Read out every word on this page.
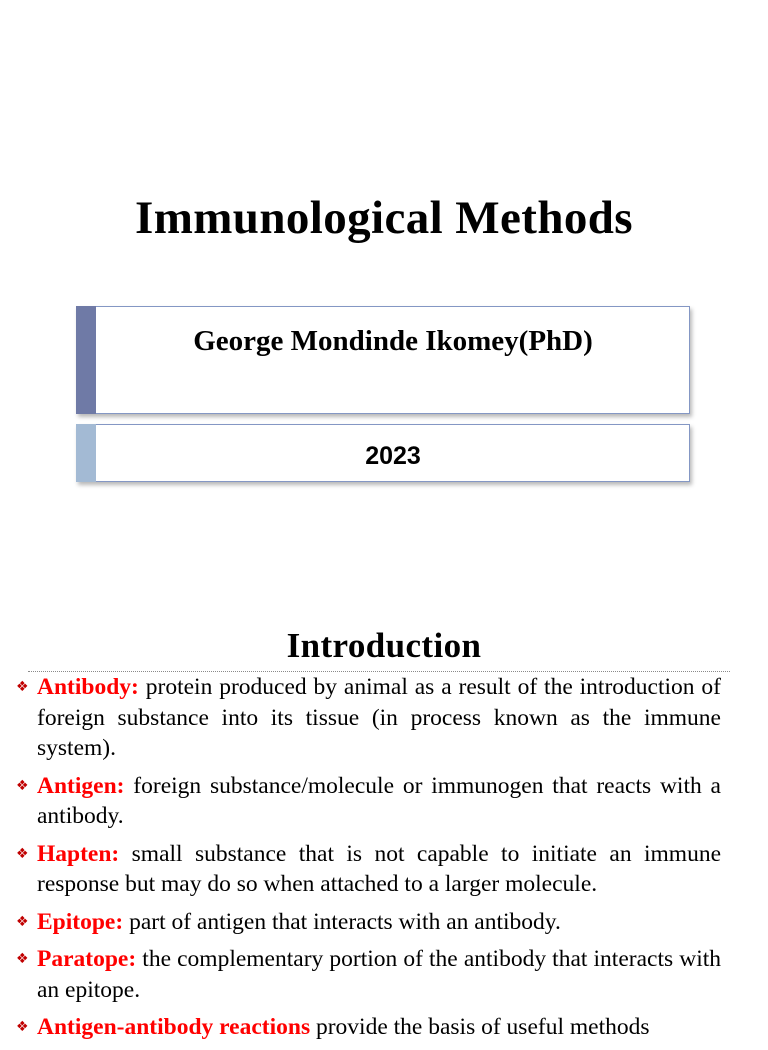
Immunological Methods
George Mondinde Ikomey(PhD)
2023
Introduction
❖ Antibody: protein produced by animal as a result of the introduction of foreign substance into its tissue (in process known as the immune system).
❖ Antigen: foreign substance/molecule or immunogen that reacts with a antibody.
❖ Hapten: small substance that is not capable to initiate an immune response but may do so when attached to a larger molecule.
❖ Epitope: part of antigen that interacts with an antibody.
❖ Paratope: the complementary portion of the antibody that interacts with an epitope.
❖ Antigen-antibody reactions provide the basis of useful methods
